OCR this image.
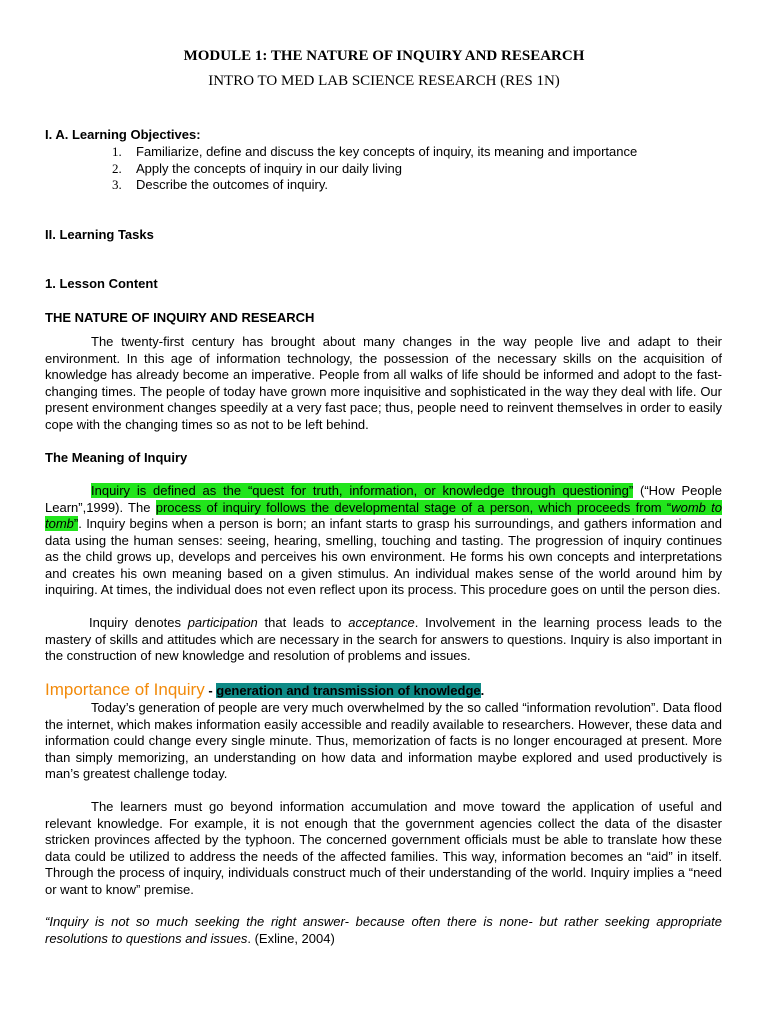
MODULE 1: THE NATURE OF INQUIRY AND RESEARCH
INTRO TO MED LAB SCIENCE RESEARCH (RES 1N)
I. A. Learning Objectives:
1.	Familiarize, define and discuss the key concepts of inquiry, its meaning and importance
2.	Apply the concepts of inquiry in our daily living
3.	Describe the outcomes of inquiry.
II. Learning Tasks
1. Lesson Content
THE NATURE OF INQUIRY AND RESEARCH

The twenty-first century has brought about many changes in the way people live and adapt to their environment. In this age of information technology, the possession of the necessary skills on the acquisition of knowledge has already become an imperative. People from all walks of life should be informed and adopt to the fast- changing times. The people of today have grown more inquisitive and sophisticated in the way they deal with life. Our present environment changes speedily at a very fast pace; thus, people need to reinvent themselves in order to easily cope with the changing times so as not to be left behind.

The Meaning of Inquiry

Inquiry is defined as the “quest for truth, information, or knowledge through questioning” (“How People Learn”,1999). The process of inquiry follows the developmental stage of a person, which proceeds from “womb to tomb”. Inquiry begins when a person is born; an infant starts to grasp his surroundings, and gathers information and data using the human senses: seeing, hearing, smelling, touching and tasting. The progression of inquiry continues as the child grows up, develops and perceives his own environment. He forms his own concepts and interpretations and creates his own meaning based on a given stimulus. An individual makes sense of the world around him by inquiring. At times, the individual does not even reflect upon its process. This procedure goes on until the person dies.

Inquiry denotes participation that leads to acceptance. Involvement in the learning process leads to the mastery of skills and attitudes which are necessary in the search for answers to questions. Inquiry is also important in the construction of new knowledge and resolution of problems and issues.

Importance of Inquiry - generation and transmission of knowledge.

Today’s generation of people are very much overwhelmed by the so called “information revolution”. Data flood the internet, which makes information easily accessible and readily available to researchers. However, these data and information could change every single minute. Thus, memorization of facts is no longer encouraged at present. More than simply memorizing, an understanding on how data and information maybe explored and used productively is man’s greatest challenge today.

The learners must go beyond information accumulation and move toward the application of useful and relevant knowledge. For example, it is not enough that the government agencies collect the data of the disaster stricken provinces affected by the typhoon. The concerned government officials must be able to translate how these data could be utilized to address the needs of the affected families. This way, information becomes an “aid” in itself. Through the process of inquiry, individuals construct much of their understanding of the world. Inquiry implies a “need or want to know” premise.

“Inquiry is not so much seeking the right answer- because often there is none- but rather seeking appropriate resolutions to questions and issues. (Exline, 2004)
